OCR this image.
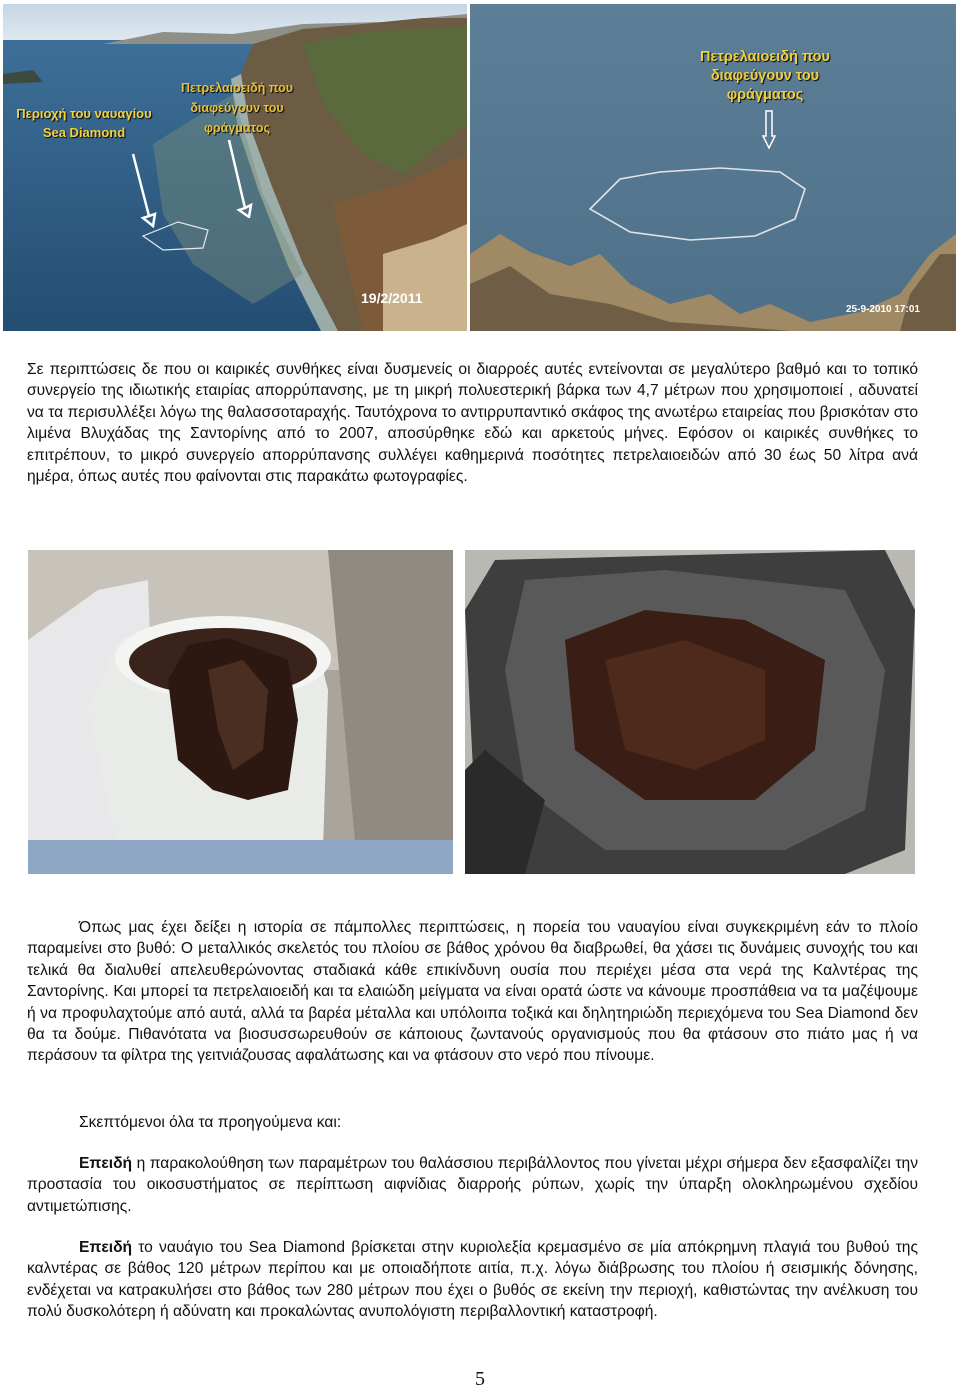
Περιοχή του ναυαγίου Sea Diamond
Πετρελαιοειδή που διαφεύγουν του φράγματος
19/2/2011
Πετρελαιοειδή που διαφεύγουν του φράγματος
25-9-2010 17:01

Σε περιπτώσεις δε που οι καιρικές συνθήκες είναι δυσμενείς οι διαρροές αυτές εντείνονται σε μεγαλύτερο βαθμό και το τοπικό συνεργείο της ιδιωτικής εταιρίας απορρύπανσης, με τη μικρή πολυεστερική βάρκα των 4,7 μέτρων που χρησιμοποιεί , αδυνατεί να τα περισυλλέξει λόγω της θαλασσοταραχής. Ταυτόχρονα το αντιρρυπαντικό σκάφος της ανωτέρω εταιρείας που βρισκόταν στο λιμένα Βλυχάδας της Σαντορίνης από το 2007, αποσύρθηκε εδώ και αρκετούς μήνες. Εφόσον οι καιρικές συνθήκες το επιτρέπουν, το μικρό συνεργείο απορρύπανσης συλλέγει καθημερινά ποσότητες πετρελαιοειδών από 30 έως 50 λίτρα ανά ημέρα, όπως αυτές που φαίνονται στις παρακάτω φωτογραφίες.

Όπως μας έχει δείξει η ιστορία σε πάμπολλες περιπτώσεις, η πορεία του ναυαγίου είναι συγκεκριμένη εάν το πλοίο παραμείνει στο βυθό: Ο μεταλλικός σκελετός του πλοίου σε βάθος χρόνου θα διαβρωθεί, θα χάσει τις δυνάμεις συνοχής του και τελικά θα διαλυθεί απελευθερώνοντας σταδιακά κάθε επικίνδυνη ουσία που περιέχει μέσα στα νερά της Καλντέρας της Σαντορίνης. Και μπορεί τα πετρελαιοειδή και τα ελαιώδη μείγματα να είναι ορατά ώστε να κάνουμε προσπάθεια να τα μαζέψουμε ή να προφυλαχτούμε από αυτά, αλλά τα βαρέα μέταλλα και υπόλοιπα τοξικά και δηλητηριώδη περιεχόμενα του Sea Diamond δεν θα τα δούμε. Πιθανότατα να βιοσυσσωρευθούν σε κάποιους ζωντανούς οργανισμούς που θα φτάσουν στο πιάτο μας ή να περάσουν τα φίλτρα της γειτνιάζουσας αφαλάτωσης και να φτάσουν στο νερό που πίνουμε.

Σκεπτόμενοι όλα τα προηγούμενα και:

Επειδή η παρακολούθηση των παραμέτρων του θαλάσσιου περιβάλλοντος που γίνεται μέχρι σήμερα δεν εξασφαλίζει την προστασία του οικοσυστήματος σε περίπτωση αιφνίδιας διαρροής ρύπων, χωρίς την ύπαρξη ολοκληρωμένου σχεδίου αντιμετώπισης.

Επειδή το ναυάγιο του Sea Diamond βρίσκεται στην κυριολεξία κρεμασμένο σε μία απόκρημνη πλαγιά του βυθού της καλντέρας σε βάθος 120 μέτρων περίπου και με οποιαδήποτε αιτία, π.χ. λόγω διάβρωσης του πλοίου ή σεισμικής δόνησης, ενδέχεται να κατρακυλήσει στο βάθος των 280 μέτρων που έχει ο βυθός σε εκείνη την περιοχή, καθιστώντας την ανέλκυση του πολύ δυσκολότερη ή αδύνατη και προκαλώντας ανυπολόγιστη περιβαλλοντική καταστροφή.

5
